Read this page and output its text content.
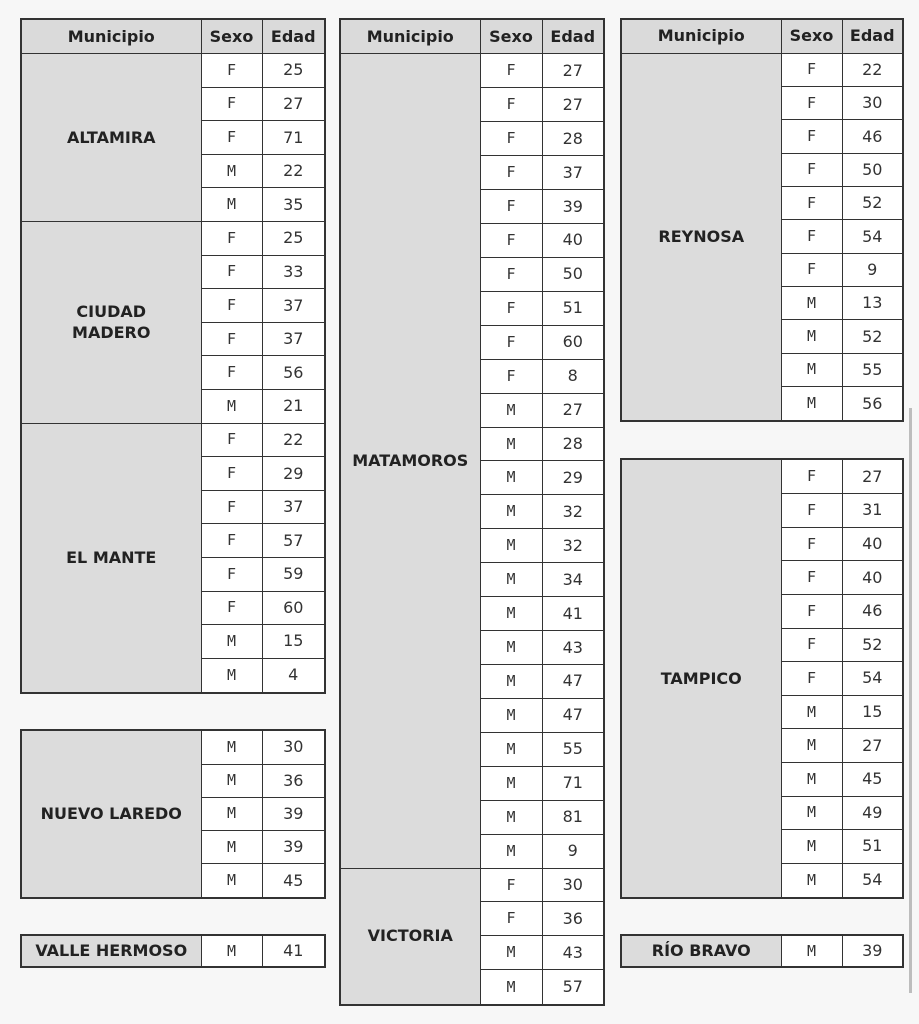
Municipio	Sexo	Edad
ALTAMIRA	F	25
	F	27
	F	71
	M	22
	M	35
CIUDAD
MADERO	F	25
	F	33
	F	37
	F	37
	F	56
	M	21
EL MANTE	F	22
	F	29
	F	37
	F	57
	F	59
	F	60
	M	15
	M	4
NUEVO LAREDO	M	30
	M	36
	M	39
	M	39
	M	45
VALLE HERMOSO	M	41
Municipio	Sexo	Edad
MATAMOROS	F	27
	F	27
	F	28
	F	37
	F	39
	F	40
	F	50
	F	51
	F	60
	F	8
	M	27
	M	28
	M	29
	M	32
	M	32
	M	34
	M	41
	M	43
	M	47
	M	47
	M	55
	M	71
	M	81
	M	9
VICTORIA	F	30
	F	36
	M	43
	M	57
Municipio	Sexo	Edad
REYNOSA	F	22
	F	30
	F	46
	F	50
	F	52
	F	54
	F	9
	M	13
	M	52
	M	55
	M	56
TAMPICO	F	27
	F	31
	F	40
	F	40
	F	46
	F	52
	F	54
	M	15
	M	27
	M	45
	M	49
	M	51
	M	54
RÍO BRAVO	M	39
